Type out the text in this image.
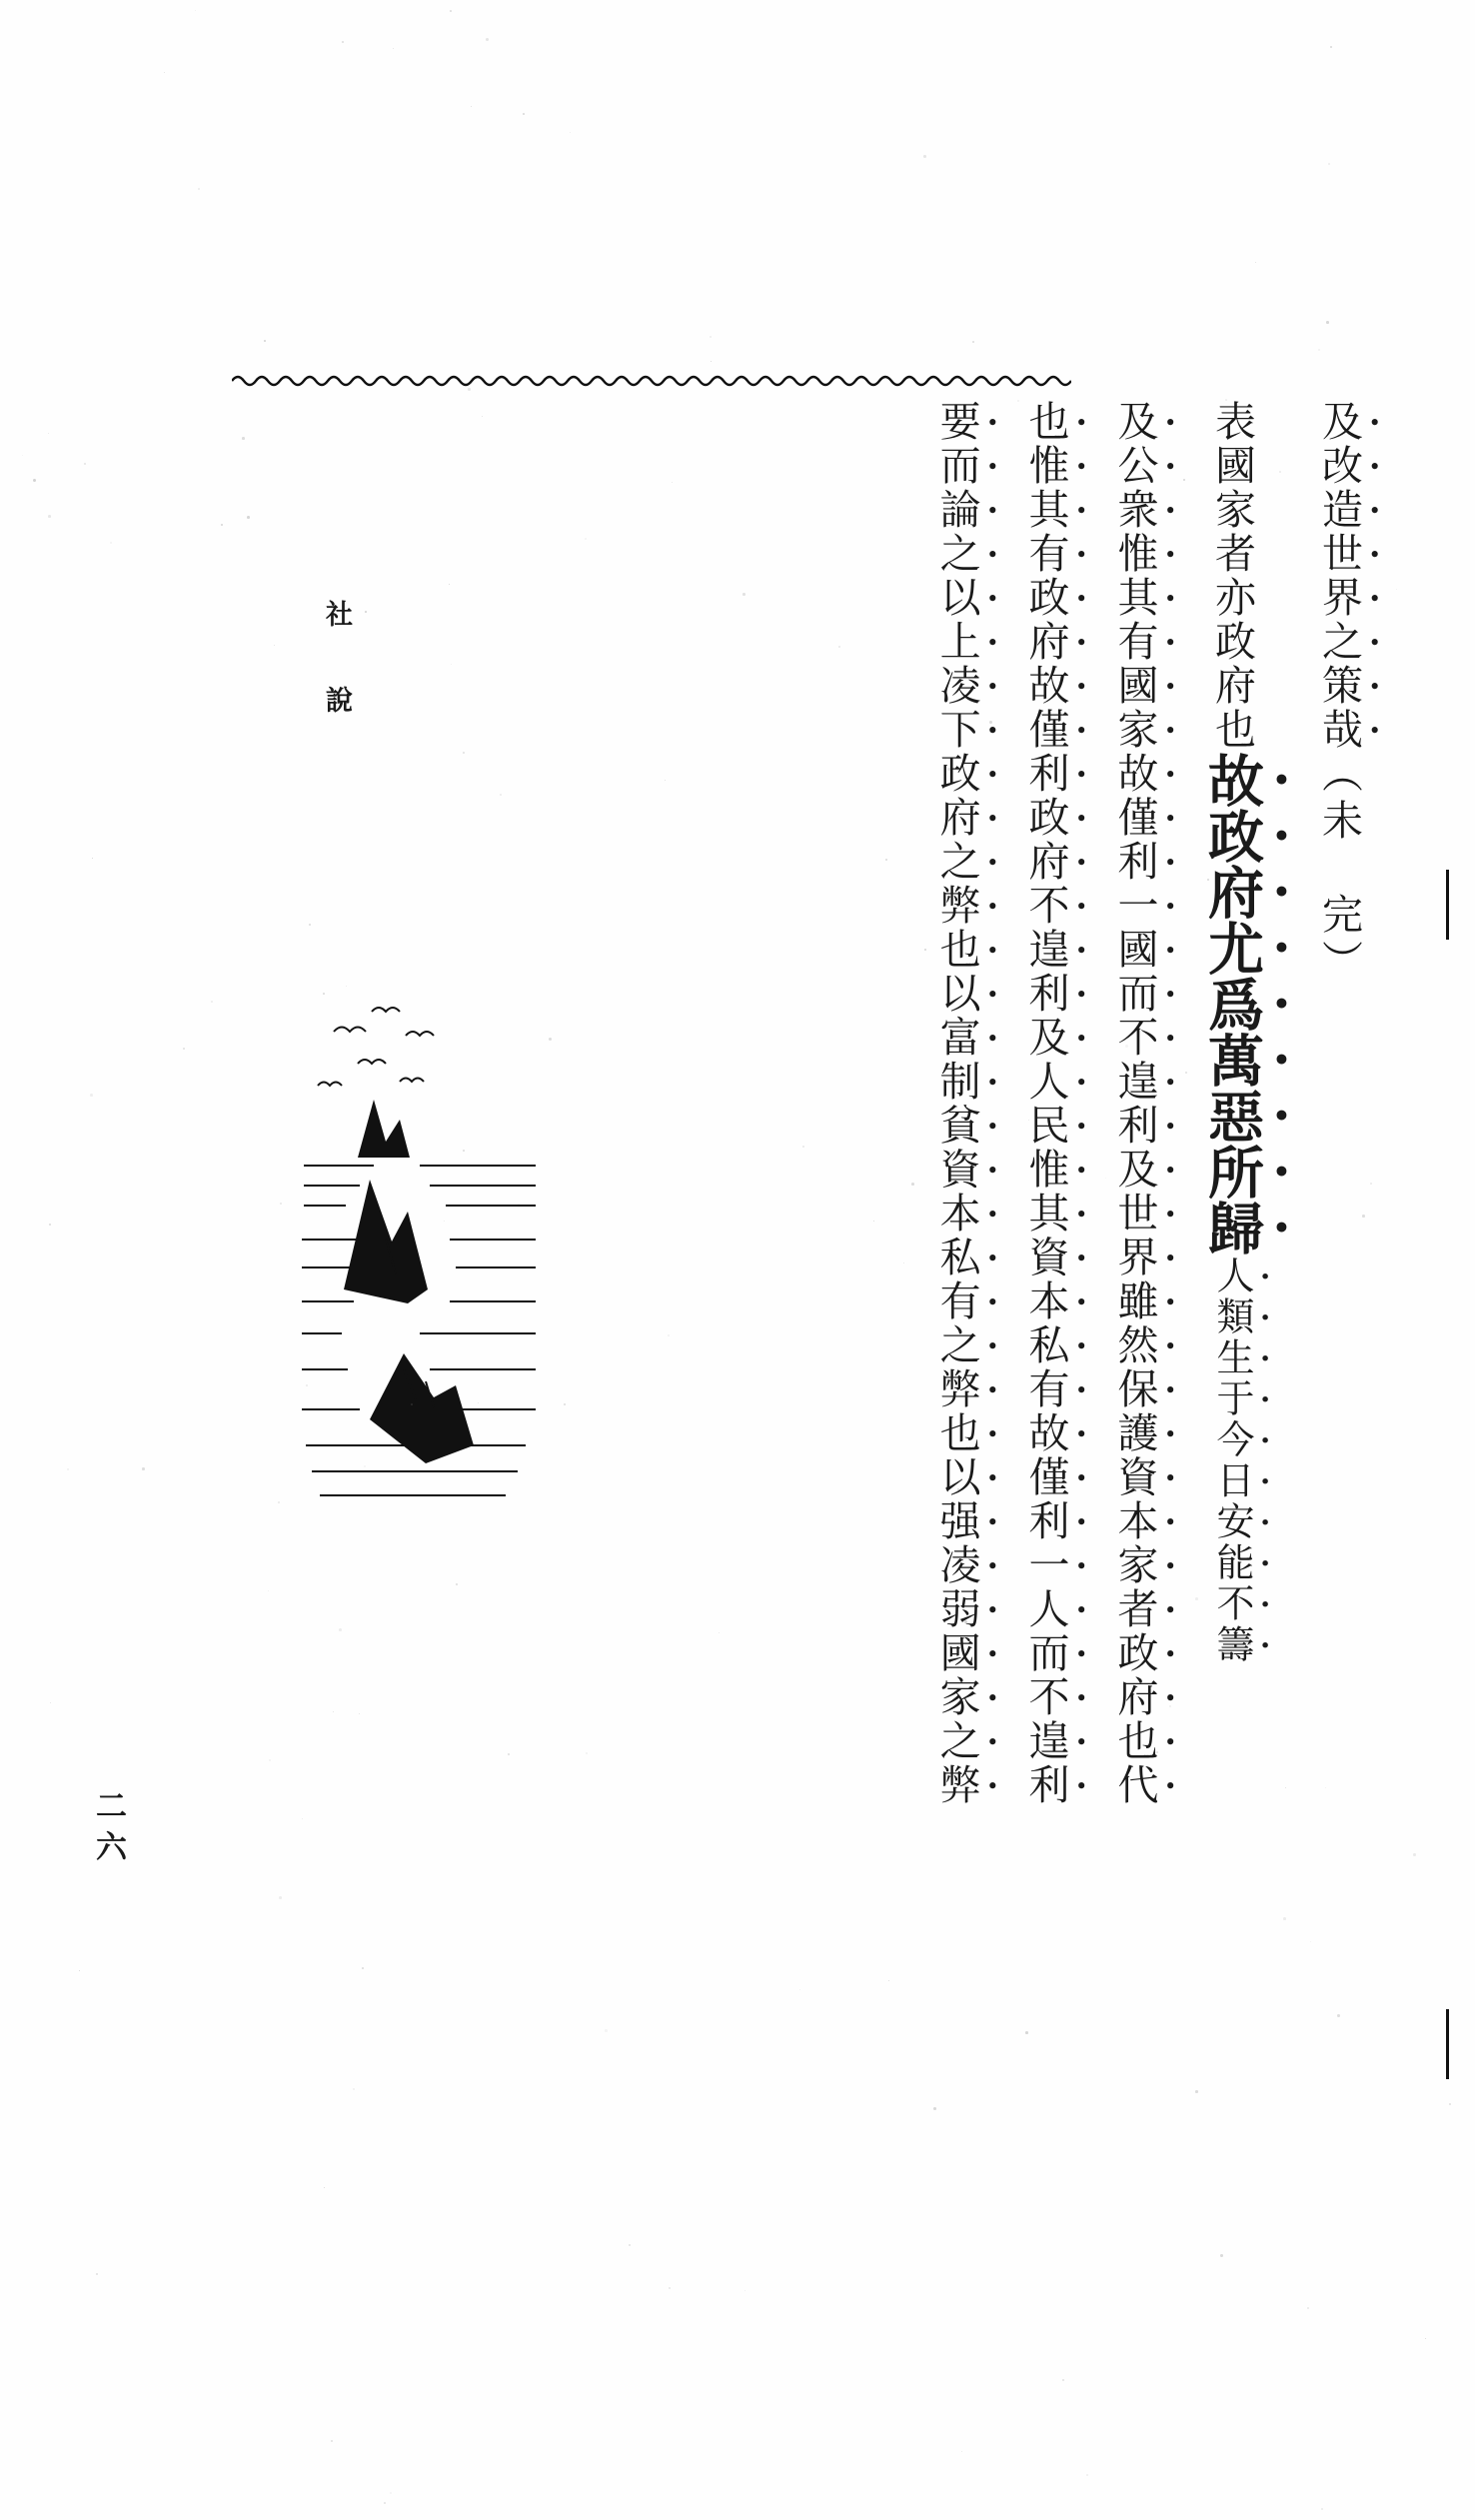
社　說
二六
要而論之以上凌下政府之弊也以富制貧資本私有之弊也以强凌弱國家之弊 也惟其有政府故僅利政府不遑利及人民惟其資本私有故僅利一人而不遑利 及公衆惟其有國家故僅利一國而不遑利及世界雖然保護資本家者政府也代	表國家者亦政府也故政府尤爲萬惡所歸人類生于今日安能不籌
及改造世界之策哉（未　完）
